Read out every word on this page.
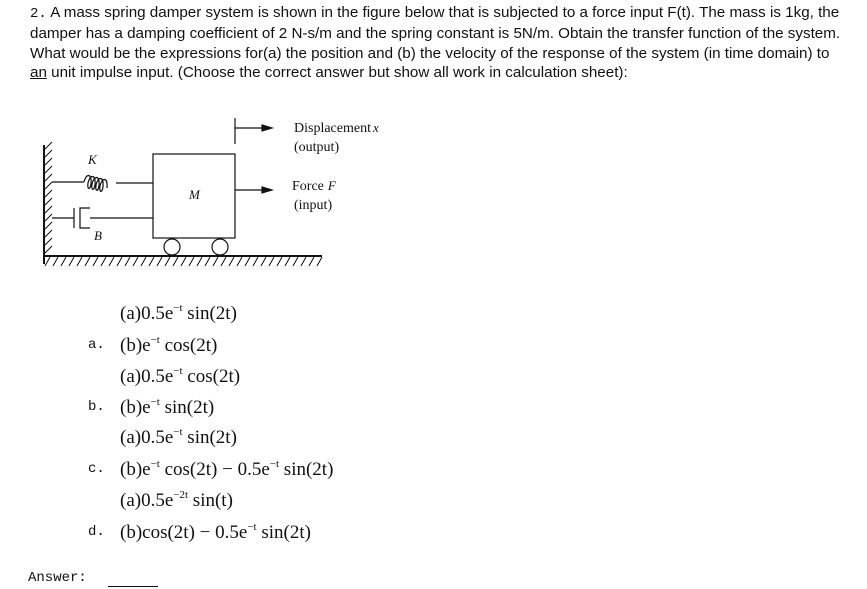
2. A mass spring damper system is shown in the figure below that is subjected to a force input F(t). The mass is 1kg, the damper has a damping coefficient of 2 N-s/m and the spring constant is 5N/m. Obtain the transfer function of the system. What would be the expressions for(a) the position and (b) the velocity of the response of the system (in time domain) to an unit impulse input. (Choose the correct answer but show all work in calculation sheet):
K
B
M
Displacement x
(output)
Force F
(input)
$(a)0.5e^{-t}$ sin(2t)
a. $(b)e^{-t}$ cos(2t)
$(a)0.5e^{-t}$ cos(2t)
b. $(b)e^{-t}$ sin(2t)
$(a)0.5e^{-t}$ sin(2t)
c. $(b)e^{-t}$ $\cos(2t) - 0.5e^{-t}$ sin(2t)
$(a)0.5e^{-2t}$ sin(t)
d. $(b)\cos(2t) - 0.5e^{-t}$ sin(2t)
Answer:
